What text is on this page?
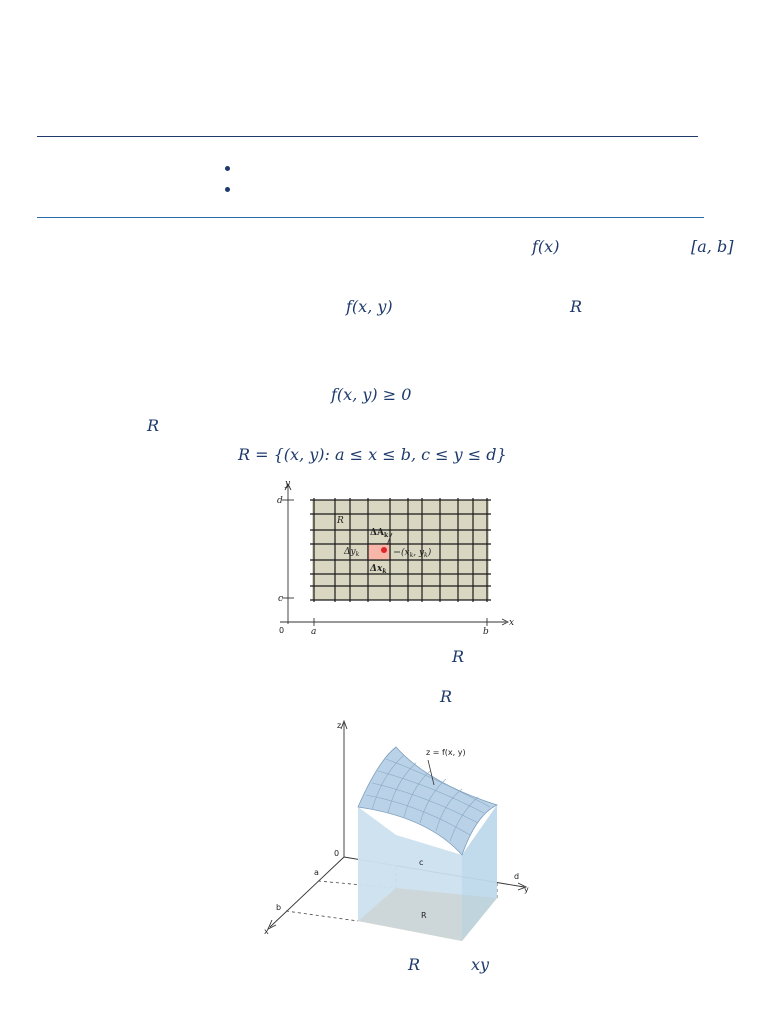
f(x)	[a, b]
f(x, y)	R
f(x, y) ≥ 0
R
R = {(x, y): a ≤ x ≤ b, c ≤ y ≤ d}
y
x
d
c
0	a	b
R
$\Delta A_k$
$\Delta y_k$
$\Delta x_k$
($x_k$, $y_k$)
R
R
z = f(x, y)
z
y
x
0
a
b
c
d
R
R	xy
